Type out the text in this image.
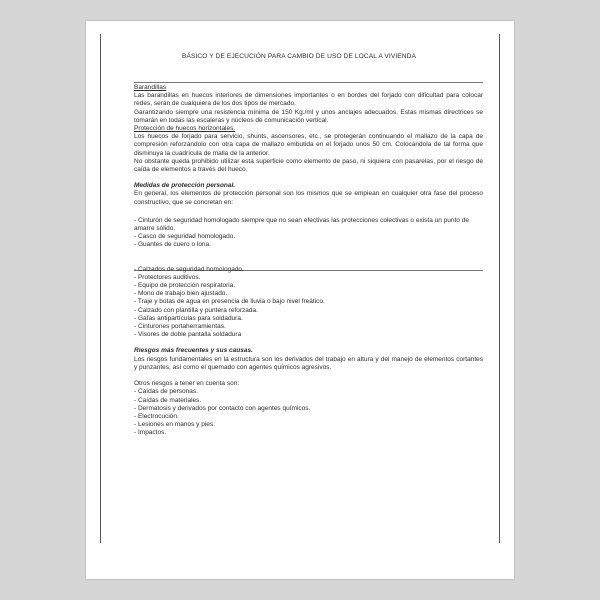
BÁSICO Y DE EJECUCIÓN PARA CAMBIO DE USO DE LOCAL A VIVIENDA

Barandillas

Las barandillas en huecos interiores de dimensiones importantes o en bordes del forjado con dificultad para colocar redes, serán de cualquiera de los dos tipos de mercado.

Garantizando siempre una resistencia mínima de 150 Kg./ml y unos anclajes adecuados. Estas mismas directrices se tomarán en todas las escaleras y núcleos de comunicación vertical.

Protección de huecos horizontales.

Los huecos de forjado para servicio, shunts, ascensores, etc., se protegerán continuando el mallazo de la capa de compresión reforzándolo con otra capa de mallazo embutida en el forjado unos 50 cm. Colocándola de tal forma que disminuya la cuadrícula de malla de la anterior.

No obstante queda prohibido utilizar esta superficie como elemento de paso, ni siquiera con pasarelas, por el riesgo de caída de elementos a través del hueco.

Medidas de protección personal.

En general, los elementos de protección personal son los mismos que se empiean en cualquier otra fase del proceso constructivo, que se concretan en:

- Cinturón de seguridad homologado siempre que no sean efectivas las protecciones colectivas o exista un punto de amarre sólido.
- Casco de seguridad homologado.
- Guantes de cuero o lona.
- Calzados de seguridad homologado.
- Protectores auditivos.
- Equipo de protección respiratoria.
- Mono de trabajo bien ajustado.
- Traje y botas de agua en presencia de lluvia o bajo nivel freático.
- Calzado con plantilla y puntera reforzada.
- Gafas antipartículas para soldadura.
- Cinturones portaherramientas.
- Visores de doble pantalla soldadura

Riesgos más frecuentes y sus causas.

Los riesgos fundamentales en la estructura son los derivados del trabajo en altura y del manejo de elementos cortantes y punzantes, así como el quemado con agentes químicos agresivos.

Otros riesgos a tener en cuenta son:

- Caídas de personas.
- Caídas de materiales.
- Dermatosis y derivados por contacto con agentes químicos.
- Electrocución.
- Lesiones en manos y pies.
- Impactos.
